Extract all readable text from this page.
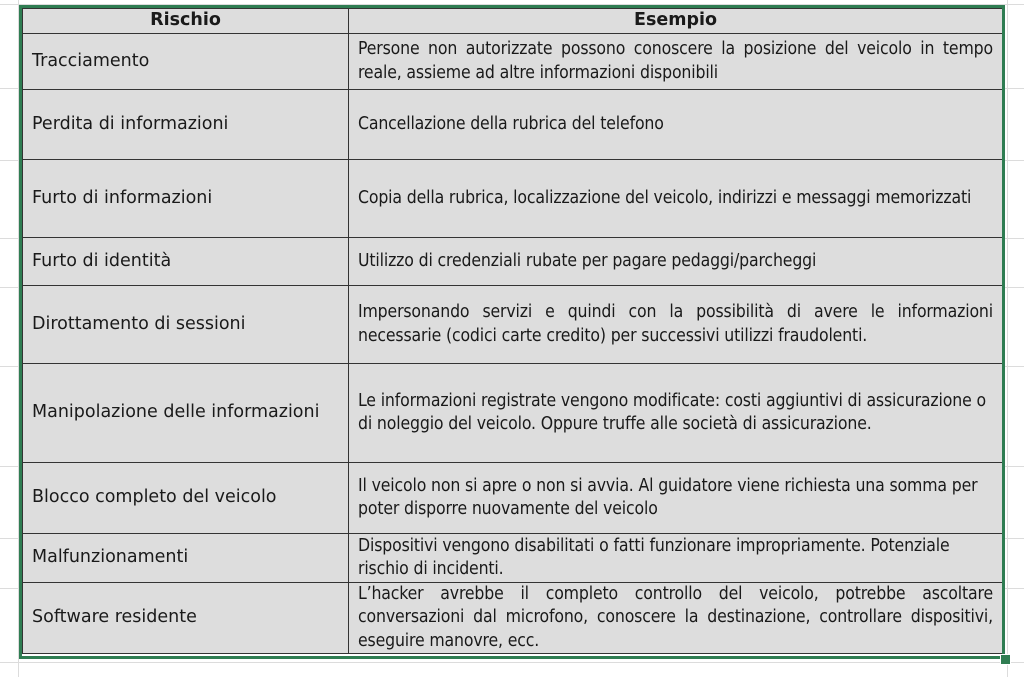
Rischio	Esempio
Tracciamento	Persone non autorizzate possono conoscere la posizione del veicolo in tempo reale, assieme ad altre informazioni disponibili
Perdita di informazioni	Cancellazione della rubrica del telefono
Furto di informazioni	Copia della rubrica, localizzazione del veicolo, indirizzi e messaggi memorizzati
Furto di identità	Utilizzo di credenziali rubate per pagare pedaggi/parcheggi
Dirottamento di sessioni	Impersonando servizi e quindi con la possibilità di avere le informazioni necessarie (codici carte credito) per successivi utilizzi fraudolenti.
Manipolazione delle informazioni	Le informazioni registrate vengono modificate: costi aggiuntivi di assicurazione o di noleggio del veicolo. Oppure truffe alle società di assicurazione.
Blocco completo del veicolo	Il veicolo non si apre o non si avvia. Al guidatore viene richiesta una somma per poter disporre nuovamente del veicolo
Malfunzionamenti	Dispositivi vengono disabilitati o fatti funzionare impropriamente. Potenziale rischio di incidenti.
Software residente	L’hacker avrebbe il completo controllo del veicolo, potrebbe ascoltare conversazioni dal microfono, conoscere la destinazione, controllare dispositivi, eseguire manovre, ecc.
